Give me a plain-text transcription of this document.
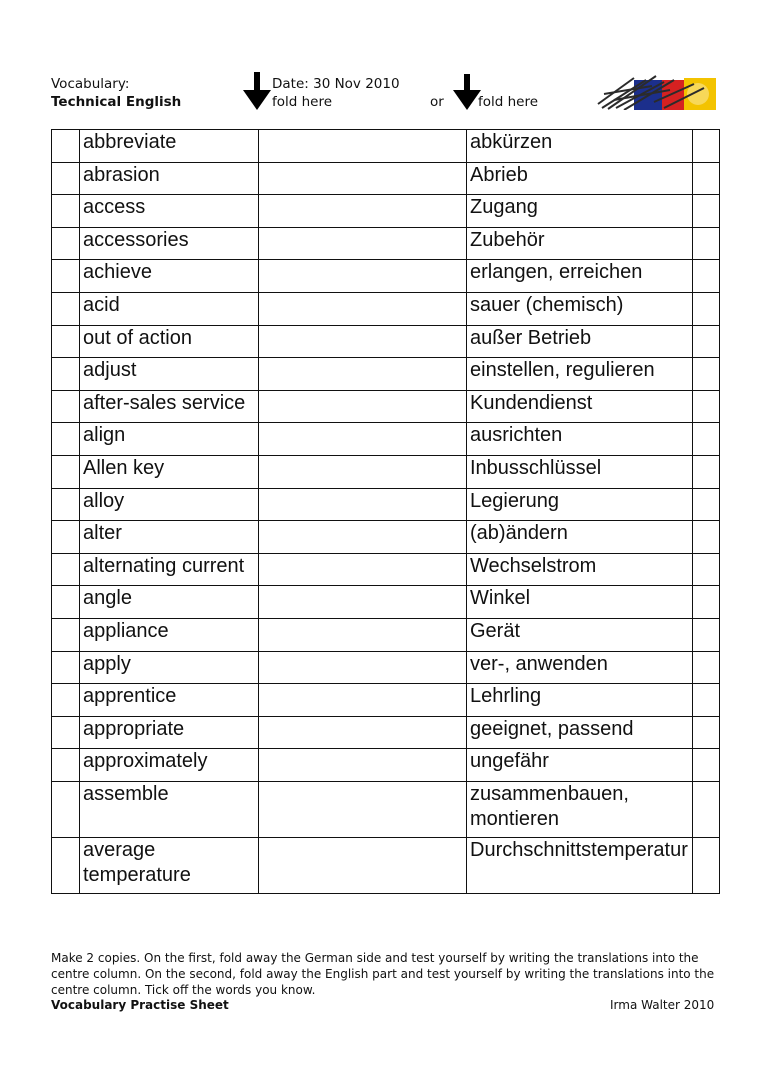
Vocabulary:
Technical English
Date: 30 Nov 2010
fold here	or	fold here
	abbreviate		abkürzen	
	abrasion		Abrieb	
	access		Zugang	
	accessories		Zubehör	
	achieve		erlangen, erreichen	
	acid		sauer (chemisch)	
	out of action		außer Betrieb	
	adjust		einstellen, regulieren	
	after-sales service		Kundendienst	
	align		ausrichten	
	Allen key		Inbusschlüssel	
	alloy		Legierung	
	alter		(ab)ändern	
	alternating current		Wechselstrom	
	angle		Winkel	
	appliance		Gerät	
	apply		ver-, anwenden	
	apprentice		Lehrling	
	appropriate		geeignet, passend	
	approximately		ungefähr	
	assemble		zusammenbauen, montieren	
	average temperature		Durchschnittstemperatur	
Make 2 copies. On the first, fold away the German side and test yourself by writing the translations into the centre column. On the second, fold away the English part and test yourself by writing the translations into the centre column. Tick off the words you know.
Vocabulary Practise Sheet	Irma Walter 2010
